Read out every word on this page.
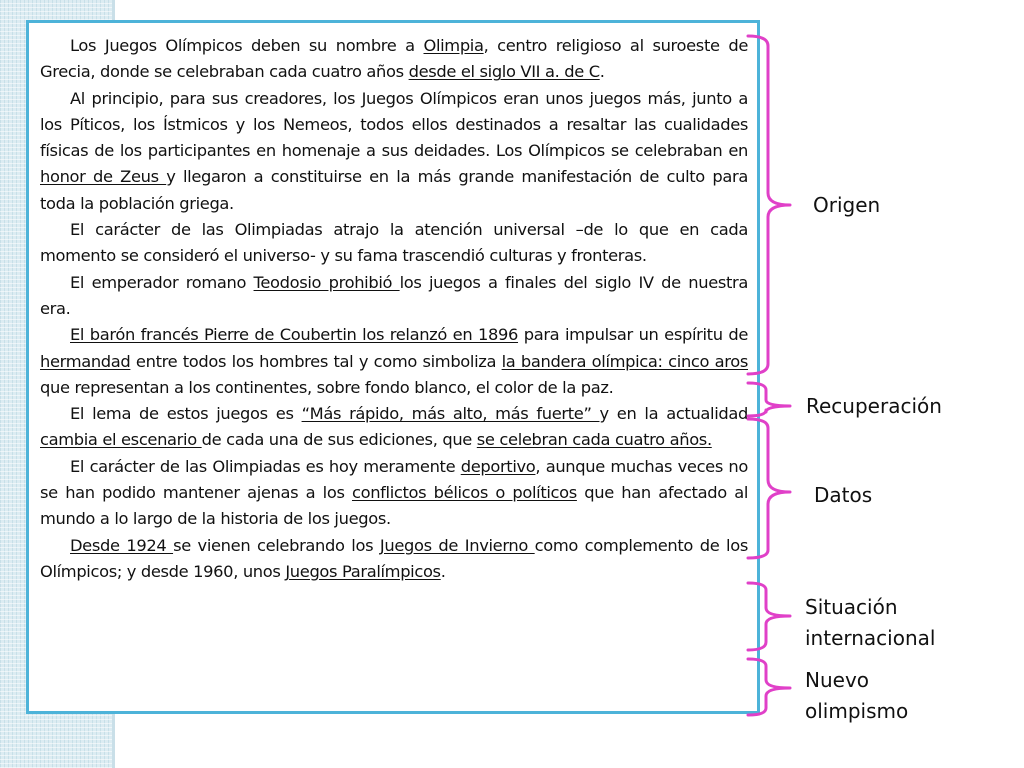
Los Juegos Olímpicos deben su nombre a Olimpia, centro religioso al suroeste de Grecia, donde se celebraban cada cuatro años desde el siglo VII a. de C.

Al principio, para sus creadores, los Juegos Olímpicos eran unos juegos más, junto a los Píticos, los Ístmicos y los Nemeos, todos ellos destinados a resaltar las cualidades físicas de los participantes en homenaje a sus deidades. Los Olímpicos se celebraban en honor de Zeus y llegaron a constituirse en la más grande manifestación de culto para toda la población griega.

El carácter de las Olimpiadas atrajo la atención universal –de lo que en cada momento se consideró el universo- y su fama trascendió culturas y fronteras.

El emperador romano Teodosio prohibió los juegos a finales del siglo IV de nuestra era.

El barón francés Pierre de Coubertin los relanzó en 1896 para impulsar un espíritu de hermandad entre todos los hombres tal y como simboliza la bandera olímpica: cinco aros que representan a los continentes, sobre fondo blanco, el color de la paz.

El lema de estos juegos es “Más rápido, más alto, más fuerte” y en la actualidad cambia el escenario de cada una de sus ediciones, que se celebran cada cuatro años.

El carácter de las Olimpiadas es hoy meramente deportivo, aunque muchas veces no se han podido mantener ajenas a los conflictos bélicos o políticos que han afectado al mundo a lo largo de la historia de los juegos.

Desde 1924 se vienen celebrando los Juegos de Invierno como complemento de los Olímpicos; y desde 1960, unos Juegos Paralímpicos.

Origen
Recuperación
Datos
Situación
internacional
Nuevo
olimpismo
